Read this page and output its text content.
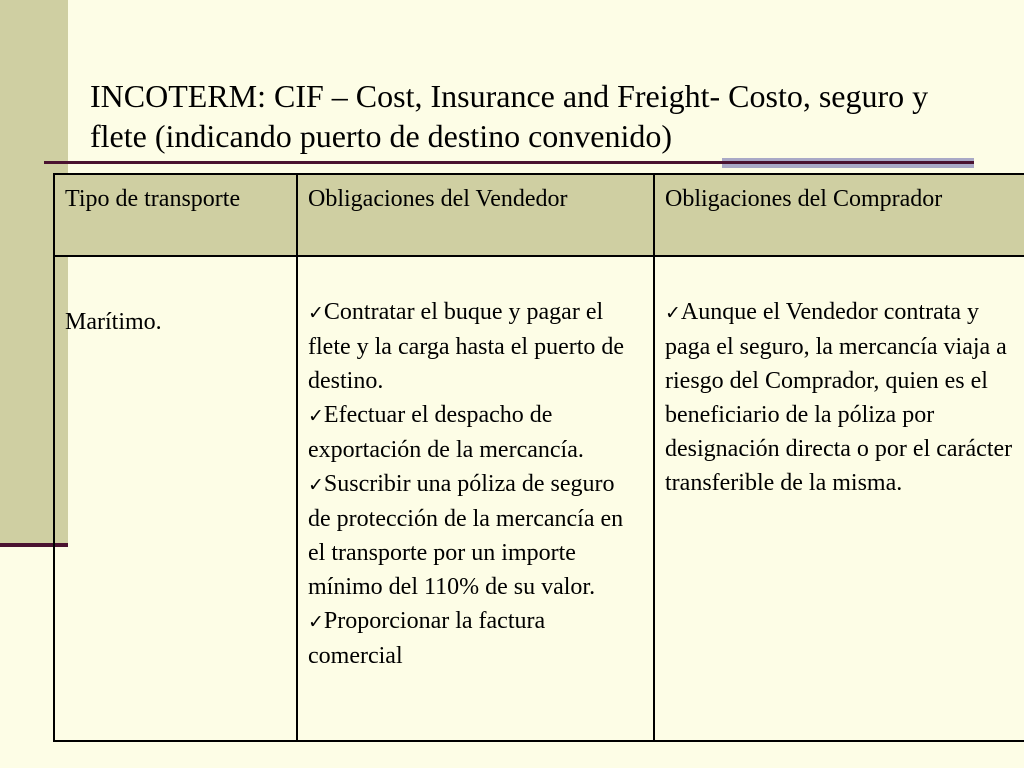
INCOTERM: CIF – Cost, Insurance and Freight- Costo, seguro y flete (indicando puerto de destino convenido)
Tipo de transporte	Obligaciones del Vendedor	Obligaciones del Comprador
Marítimo.	✓Contratar el buque y pagar el flete y la carga hasta el puerto de destino.
✓Efectuar el despacho de exportación de la mercancía.
✓Suscribir una póliza de seguro de protección de la mercancía en el transporte por un importe mínimo del 110% de su valor.
✓Proporcionar la factura comercial	✓Aunque el Vendedor contrata y paga el seguro, la mercancía viaja a riesgo del Comprador, quien es el beneficiario de la póliza por designación directa o por el carácter transferible de la misma.
